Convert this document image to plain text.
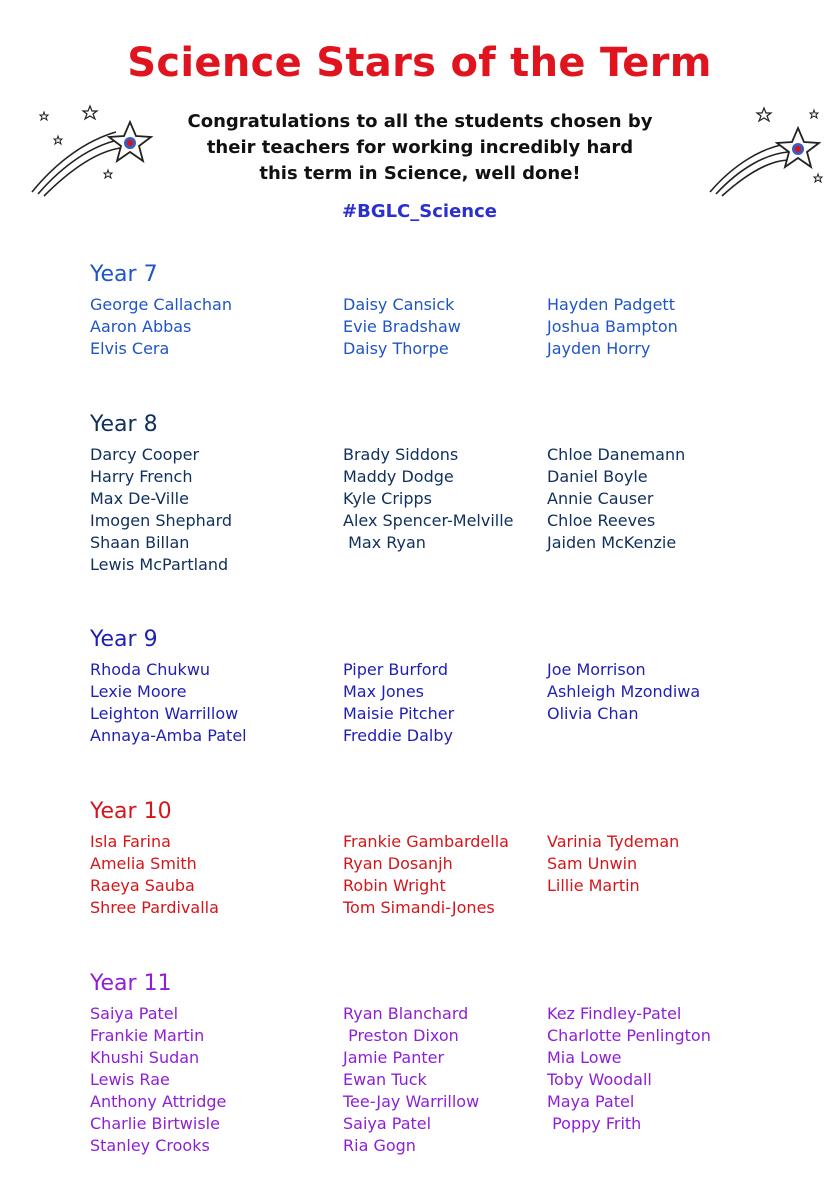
Science Stars of the Term
Congratulations to all the students chosen by
their teachers for working incredibly hard
this term in Science, well done!
#BGLC_Science
Year 7
George Callachan
Aaron Abbas
Elvis Cera
Daisy Cansick
Evie Bradshaw
Daisy Thorpe
Hayden Padgett
Joshua Bampton
Jayden Horry
Year 8
Darcy Cooper
Harry French
Max De-Ville
Imogen Shephard
Shaan Billan
Lewis McPartland
Brady Siddons
Maddy Dodge
Kyle Cripps
Alex Spencer-Melville
Max Ryan
Chloe Danemann
Daniel Boyle
Annie Causer
Chloe Reeves
Jaiden McKenzie
Year 9
Rhoda Chukwu
Lexie Moore
Leighton Warrillow
Annaya-Amba Patel
Piper Burford
Max Jones
Maisie Pitcher
Freddie Dalby
Joe Morrison
Ashleigh Mzondiwa
Olivia Chan
Year 10
Isla Farina
Amelia Smith
Raeya Sauba
Shree Pardivalla
Frankie Gambardella
Ryan Dosanjh
Robin Wright
Tom Simandi-Jones
Varinia Tydeman
Sam Unwin
Lillie Martin
Year 11
Saiya Patel
Frankie Martin
Khushi Sudan
Lewis Rae
Anthony Attridge
Charlie Birtwisle
Stanley Crooks
Ryan Blanchard
Preston Dixon
Jamie Panter
Ewan Tuck
Tee-Jay Warrillow
Saiya Patel
Ria Gogn
Kez Findley-Patel
Charlotte Penlington
Mia Lowe
Toby Woodall
Maya Patel
Poppy Frith
